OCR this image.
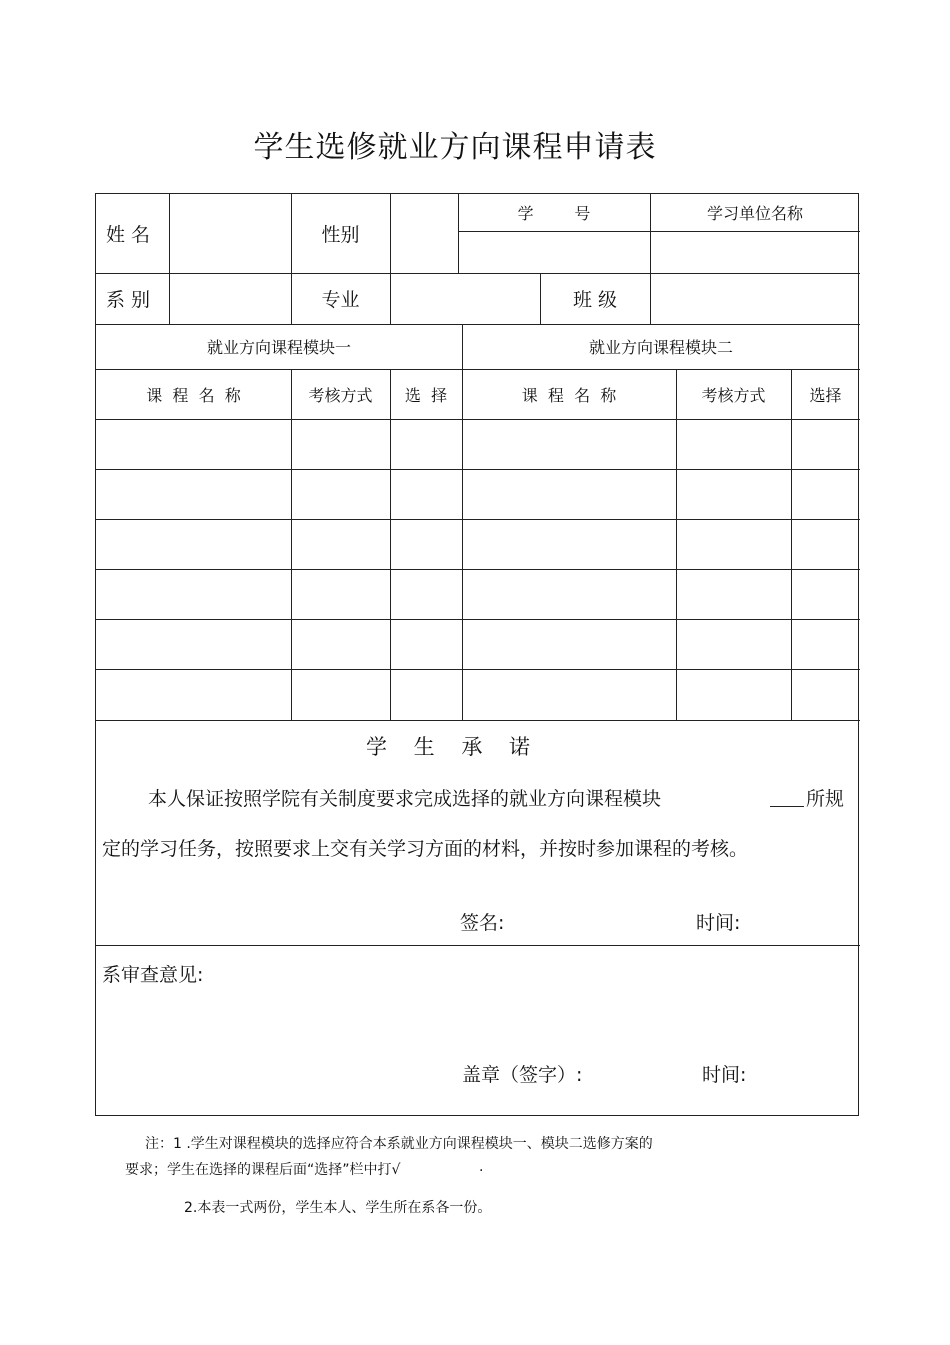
学生选修就业方向课程申请表
姓 名	性别
学        号	学习单位名称
系 别	专业	班 级
就业方向课程模块一	就业方向课程模块二
课  程  名  称	考核方式	选  择	课  程  名  称	考核方式	选择
学    生    承    诺
本人保证按照学院有关制度要求完成选择的就业方向课程模块	所规
定的学习任务，按照要求上交有关学习方面的材料，并按时参加课程的考核。
签名:	时间:
系审查意见:
盖章（签字）:	时间:
注：1 .学生对课程模块的选择应符合本系就业方向课程模块一、模块二选修方案的
要求；学生在选择的课程后面“选择”栏中打√	.
2.本表一式两份，学生本人、学生所在系各一份。
